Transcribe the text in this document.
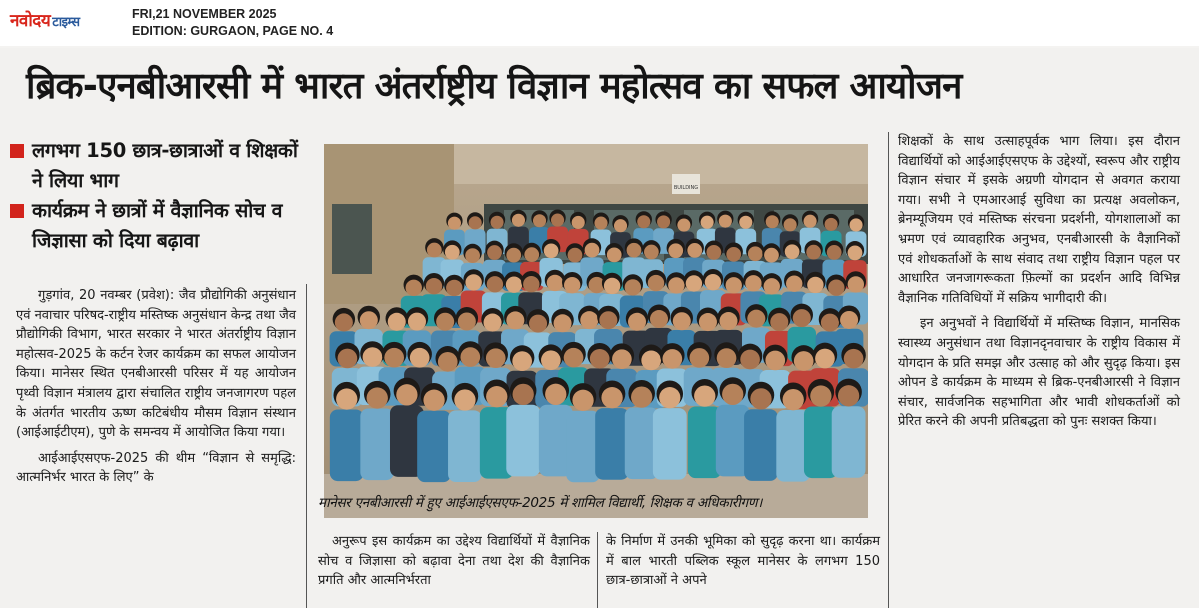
नवोदय टाइम्स
FRI,21 NOVEMBER 2025
EDITION: GURGAON, PAGE NO. 4
ब्रिक-एनबीआरसी में भारत अंतर्राष्ट्रीय विज्ञान महोत्सव का सफल आयोजन
लगभग 150 छात्र-छात्राओं व शिक्षकों ने लिया भाग
कार्यक्रम ने छात्रों में वैज्ञानिक सोच व जिज्ञासा को दिया बढ़ावा

गुड़गांव, 20 नवम्बर (प्रवेश): जैव प्रौद्योगिकी अनुसंधान एवं नवाचार परिषद-राष्ट्रीय मस्तिष्क अनुसंधान केन्द्र तथा जैव प्रौद्योगिकी विभाग, भारत सरकार ने भारत अंतर्राष्ट्रीय विज्ञान महोत्सव-2025 के कर्टन रेजर कार्यक्रम का सफल आयोजन किया। मानेसर स्थित एनबीआरसी परिसर में यह आयोजन पृथ्वी विज्ञान मंत्रालय द्वारा संचालित राष्ट्रीय जनजागरण पहल के अंतर्गत भारतीय ऊष्ण कटिबंधीय मौसम विज्ञान संस्थान (आईआईटीएम), पुणे के समन्वय में आयोजित किया गया।

आईआईएसएफ-2025 की थीम “विज्ञान से समृद्धि: आत्मनिर्भर भारत के लिए” के

BUILDING
मानेसर एनबीआरसी में हुए आईआईएसएफ-2025 में शामिल विद्यार्थी, शिक्षक व अधिकारीगण।

अनुरूप इस कार्यक्रम का उद्देश्य विद्यार्थियों में वैज्ञानिक सोच व जिज्ञासा को बढ़ावा देना तथा देश की वैज्ञानिक प्रगति और आत्मनिर्भरता

के निर्माण में उनकी भूमिका को सुदृढ़ करना था। कार्यक्रम में बाल भारती पब्लिक स्कूल मानेसर के लगभग 150 छात्र-छात्राओं ने अपने

शिक्षकों के साथ उत्साहपूर्वक भाग लिया। इस दौरान विद्यार्थियों को आईआईएसएफ के उद्देश्यों, स्वरूप और राष्ट्रीय विज्ञान संचार में इसके अग्रणी योगदान से अवगत कराया गया। सभी ने एमआरआई सुविधा का प्रत्यक्ष अवलोकन, ब्रेनम्यूजियम एवं मस्तिष्क संरचना प्रदर्शनी, योगशालाओं का भ्रमण एवं व्यावहारिक अनुभव, एनबीआरसी के वैज्ञानिकों एवं शोधकर्ताओं के साथ संवाद तथा राष्ट्रीय विज्ञान पहल पर आधारित जनजागरूकता फ़िल्मों का प्रदर्शन आदि विभिन्न वैज्ञानिक गतिविधियों में सक्रिय भागीदारी की।

इन अनुभवों ने विद्यार्थियों में मस्तिष्क विज्ञान, मानसिक स्वास्थ्य अनुसंधान तथा विज्ञानदृनवाचार के राष्ट्रीय विकास में योगदान के प्रति समझ और उत्साह को और सुदृढ़ किया। इस ओपन डे कार्यक्रम के माध्यम से ब्रिक-एनबीआरसी ने विज्ञान संचार, सार्वजनिक सहभागिता और भावी शोधकर्ताओं को प्रेरित करने की अपनी प्रतिबद्धता को पुनः सशक्त किया।
